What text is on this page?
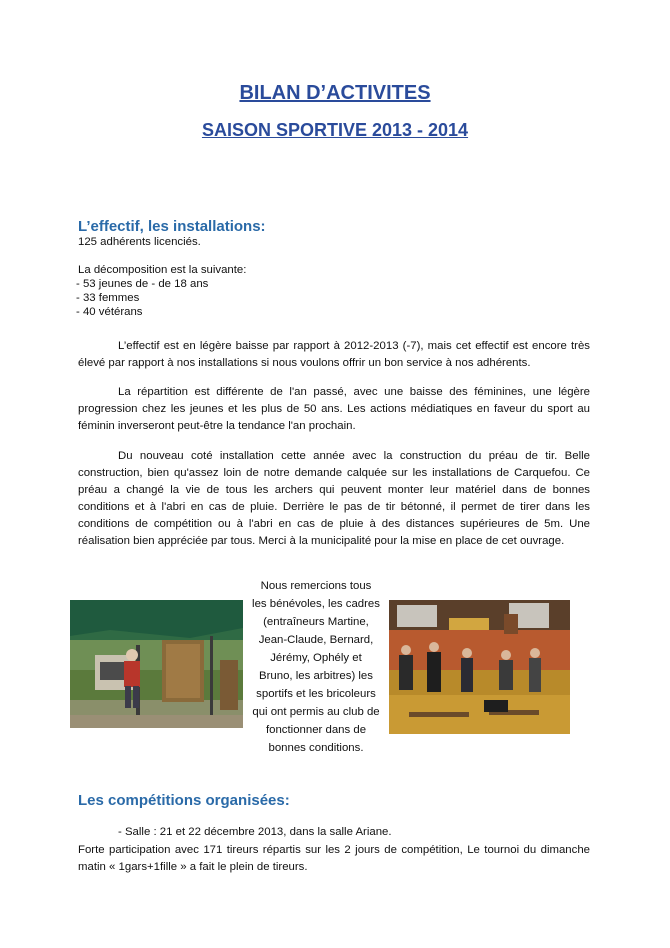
BILAN D’ACTIVITES
SAISON SPORTIVE 2013 - 2014
L’effectif, les installations:
125 adhérents licenciés.
La décomposition est la suivante:
- 53 jeunes de - de 18 ans
- 33 femmes
- 40 vétérans
L’effectif est en légère baisse par rapport à 2012-2013 (-7), mais cet effectif est encore très élevé par rapport à nos installations si nous voulons offrir un bon service à nos adhérents.
La répartition est différente de l'an passé, avec une baisse des féminines, une légère progression chez les jeunes et les plus de 50 ans. Les actions médiatiques en faveur du sport au féminin inverseront peut-être la tendance l'an prochain.
Du nouveau coté installation cette année avec la construction du préau de tir. Belle construction, bien qu'assez loin de notre demande calquée sur les installations de Carquefou. Ce préau a changé la vie de tous les archers qui peuvent monter leur matériel dans de bonnes conditions et à l'abri en cas de pluie. Derrière le pas de tir bétonné, il permet de tirer dans les conditions de compétition ou à l'abri en cas de pluie à des distances supérieures de 5m. Une réalisation bien appréciée par tous. Merci à la municipalité pour la mise en place de cet ouvrage.
Nous remercions tous les bénévoles, les cadres (entraîneurs Martine, Jean-Claude, Bernard, Jérémy, Ophély et Bruno, les arbitres) les sportifs et les bricoleurs qui ont permis au club de fonctionner dans de bonnes conditions.
Les compétitions organisées:
- Salle : 21 et 22 décembre 2013, dans la salle Ariane.
Forte participation avec 171 tireurs répartis sur les 2 jours de compétition, Le tournoi du dimanche matin « 1gars+1fille » a fait le plein de tireurs.
